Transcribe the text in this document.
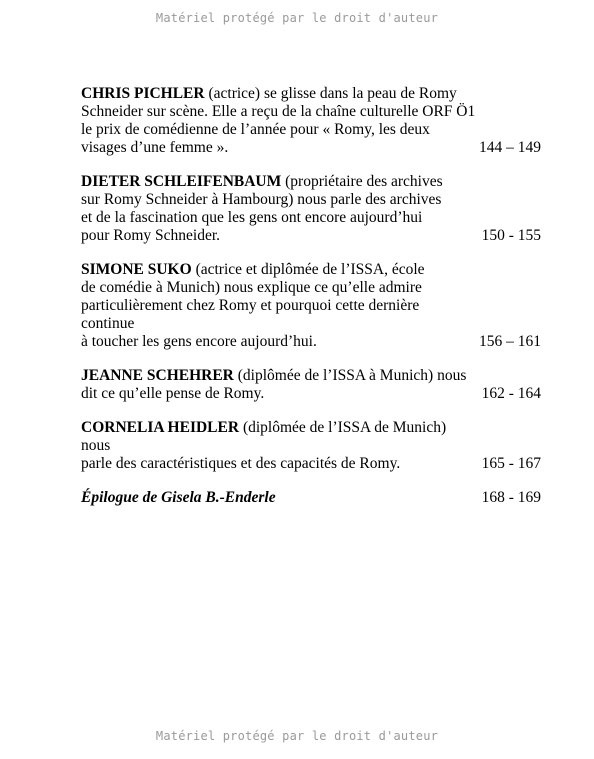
Matériel protégé par le droit d'auteur
CHRIS PICHLER (actrice) se glisse dans la peau de Romy
Schneider sur scène. Elle a reçu de la chaîne culturelle ORF Ö1
le prix de comédienne de l’année pour « Romy, les deux
visages d’une femme ».	144 – 149
DIETER SCHLEIFENBAUM (propriétaire des archives
sur Romy Schneider à Hambourg) nous parle des archives
et de la fascination que les gens ont encore aujourd’hui
pour Romy Schneider.	150 - 155
SIMONE SUKO (actrice et diplômée de l’ISSA, école
de comédie à Munich) nous explique ce qu’elle admire
particulièrement chez Romy et pourquoi cette dernière continue
à toucher les gens encore aujourd’hui.	156 – 161
JEANNE SCHEHRER (diplômée de l’ISSA à Munich) nous
dit ce qu’elle pense de Romy.	162 - 164
CORNELIA HEIDLER (diplômée de l’ISSA de Munich) nous
parle des caractéristiques et des capacités de Romy.	165 - 167
Épilogue de Gisela B.-Enderle	168 - 169
Matériel protégé par le droit d'auteur
